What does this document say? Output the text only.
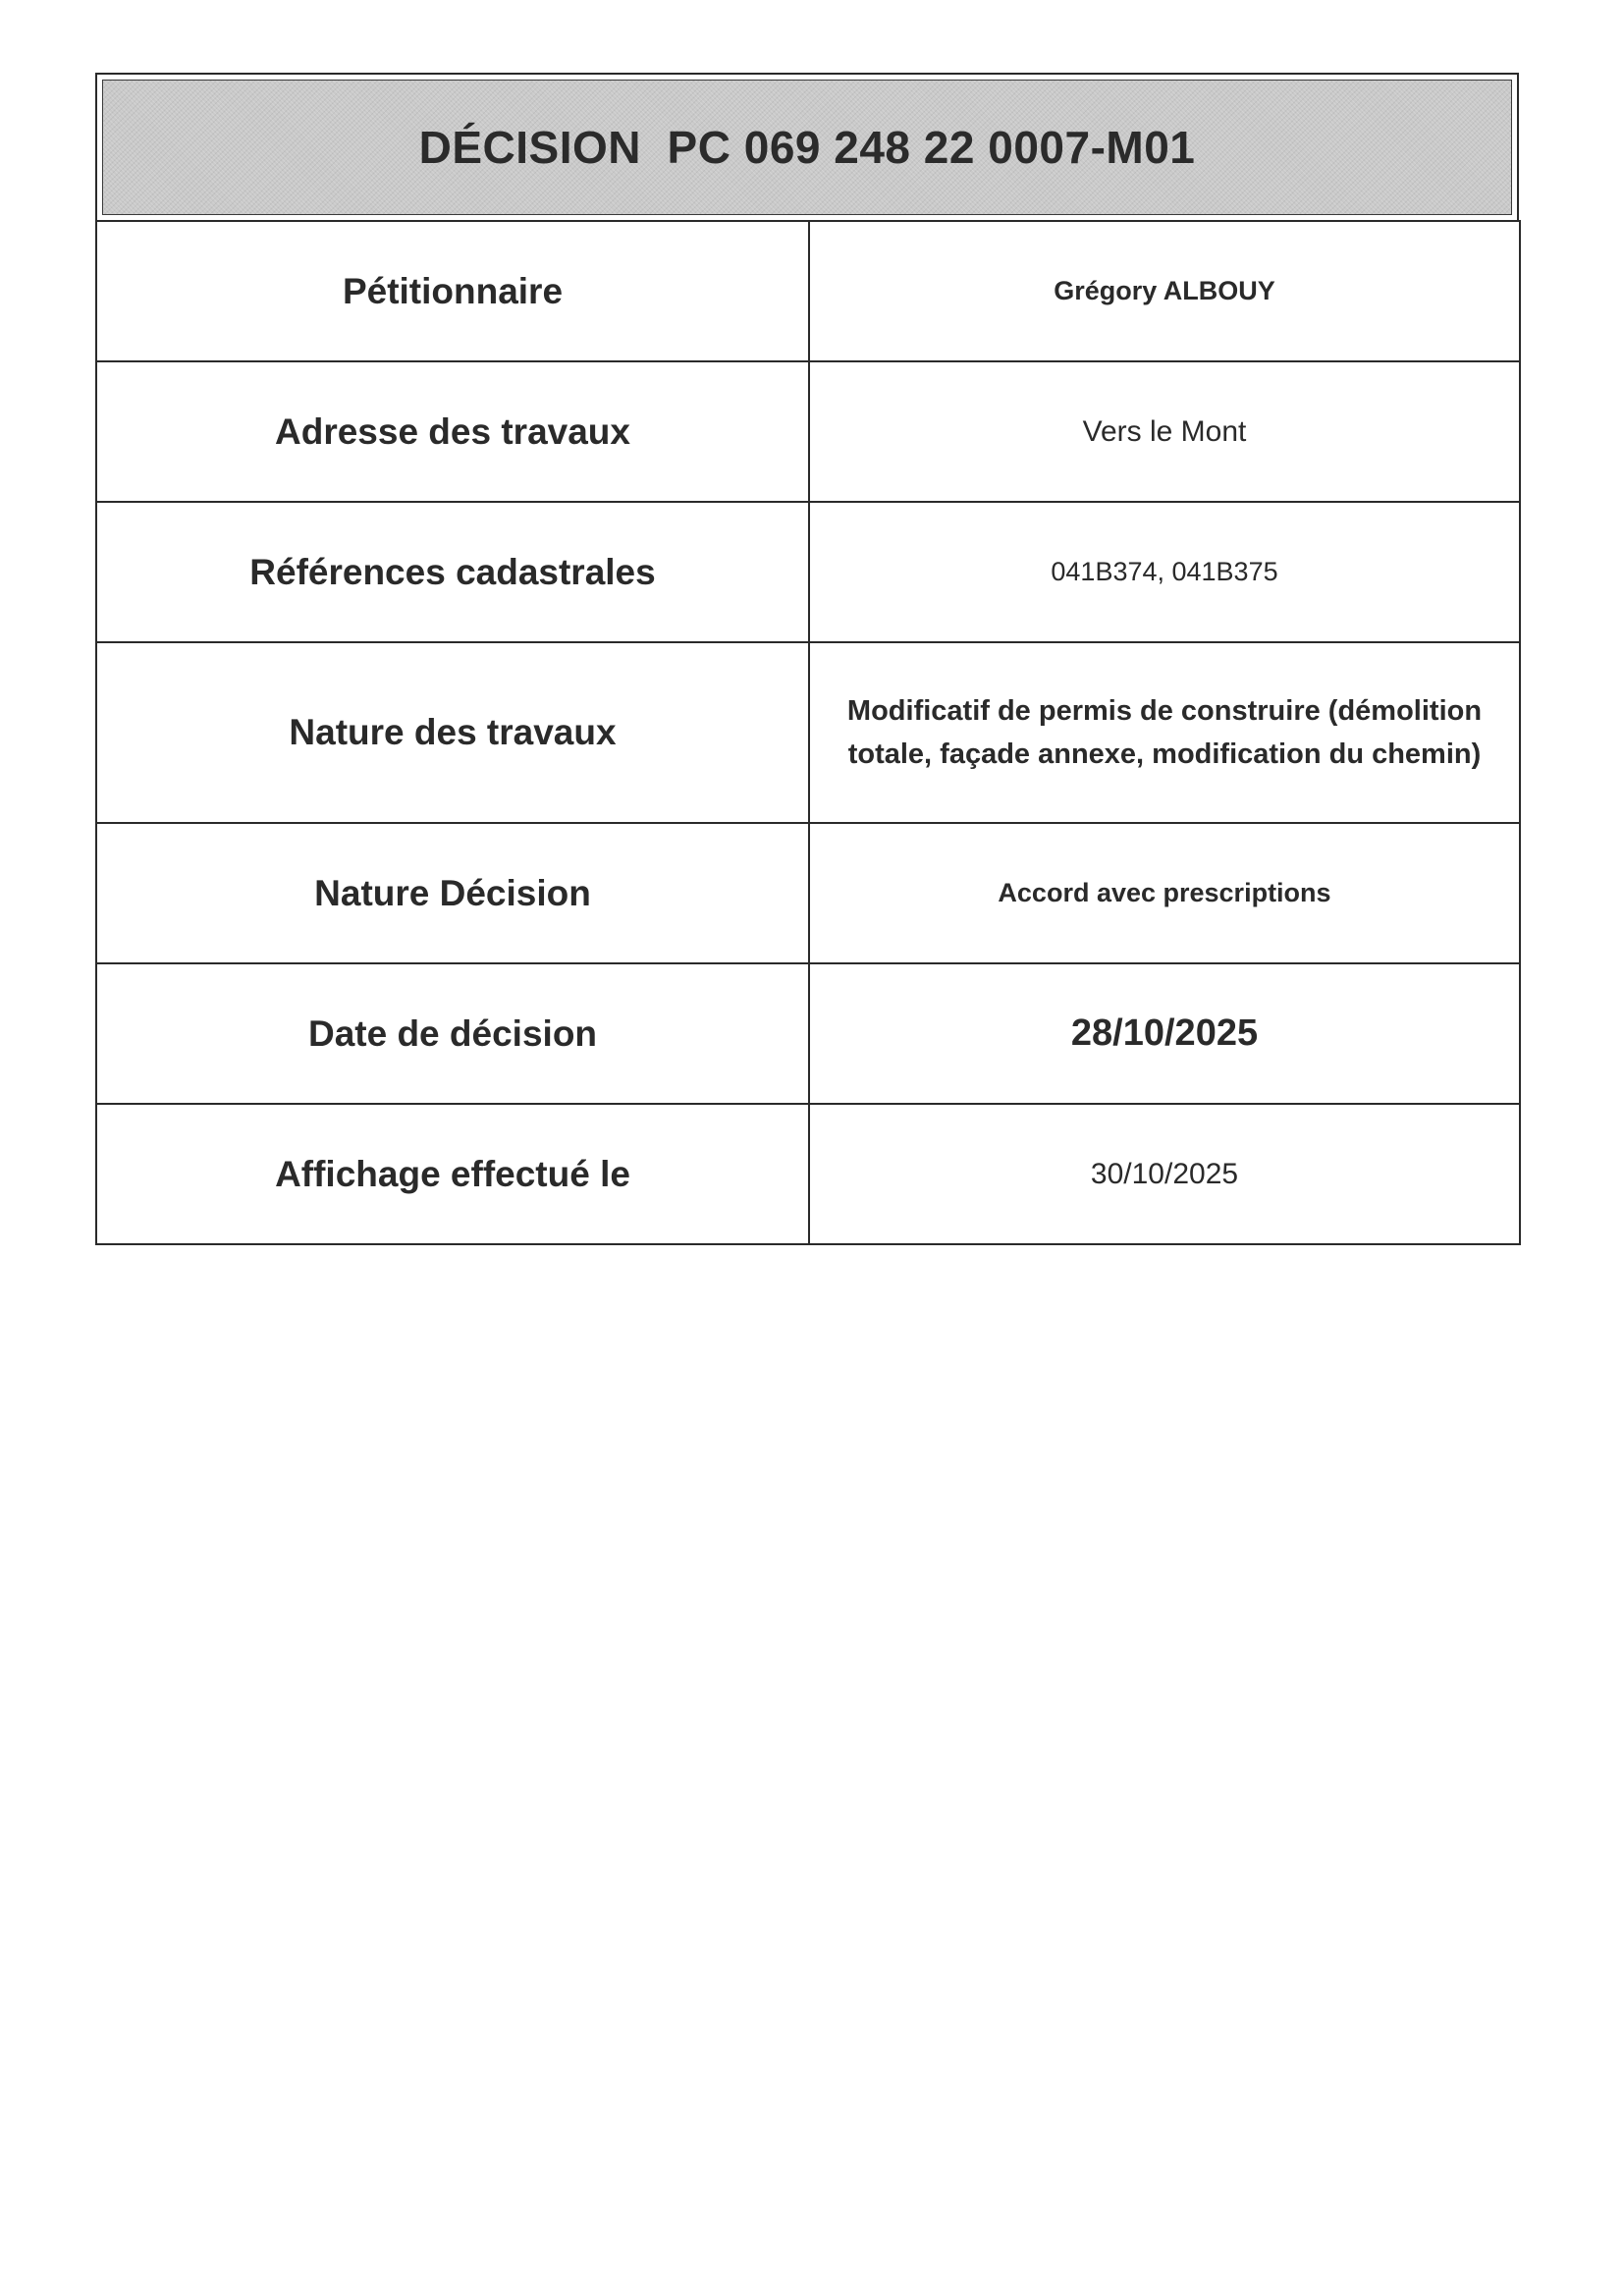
DÉCISION  PC 069 248 22 0007-M01
Pétitionnaire	Grégory ALBOUY
Adresse des travaux	Vers le Mont
Références cadastrales	041B374, 041B375
Nature des travaux	Modificatif de permis de construire (démolition
totale, façade annexe, modification du chemin)

Nature Décision	Accord avec prescriptions
Date de décision	28/10/2025
Affichage effectué le	30/10/2025
